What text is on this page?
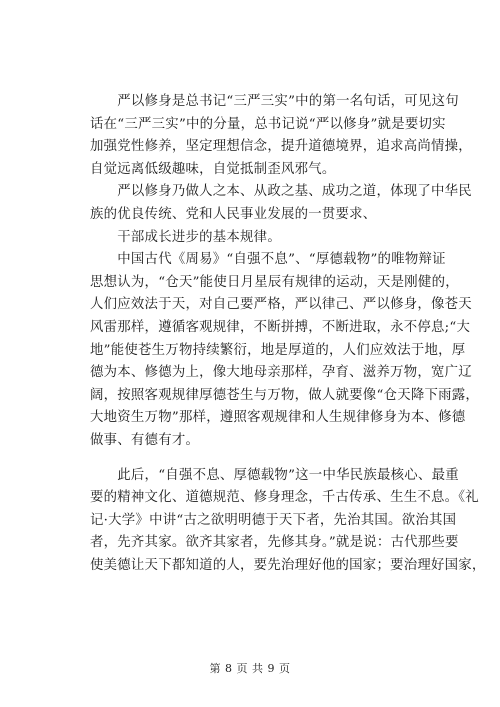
　　严以修身是总书记“三严三实”中的第一名句话，可见这句
话在“三严三实”中的分量，总书记说“严以修身”就是要切实
加强党性修养，坚定理想信念，提升道德境界，追求高尚情操，
自觉远离低级趣味，自觉抵制歪风邪气。
　　严以修身乃做人之本、从政之基、成功之道，体现了中华民
族的优良传统、党和人民事业发展的一贯要求、
　　干部成长进步的基本规律。
　　中国古代《周易》“自强不息”、“厚德载物”的唯物辩证
思想认为，“仓天”能使日月星辰有规律的运动，天是刚健的，
人们应效法于天，对自己要严格，严以律己、严以修身，像苍天
风雷那样，遵循客观规律，不断拼搏，不断进取，永不停息;“大
地”能使苍生万物持续繁衍，地是厚道的，人们应效法于地，厚
德为本、修德为上，像大地母亲那样，孕育、滋养万物，宽广辽
阔，按照客观规律厚德苍生与万物，做人就要像“仓天降下雨露，
大地资生万物”那样，遵照客观规律和人生规律修身为本、修德
做事、有德有才。
　　此后，“自强不息、厚德载物”这一中华民族最核心、最重
要的精神文化、道德规范、修身理念，千古传承、生生不息。《礼
记·大学》中讲“古之欲明明德于天下者，先治其国。欲治其国
者，先齐其家。欲齐其家者，先修其身。”就是说：古代那些要
使美德让天下都知道的人，要先治理好他的国家；要治理好国家，
第 8 页 共 9 页
